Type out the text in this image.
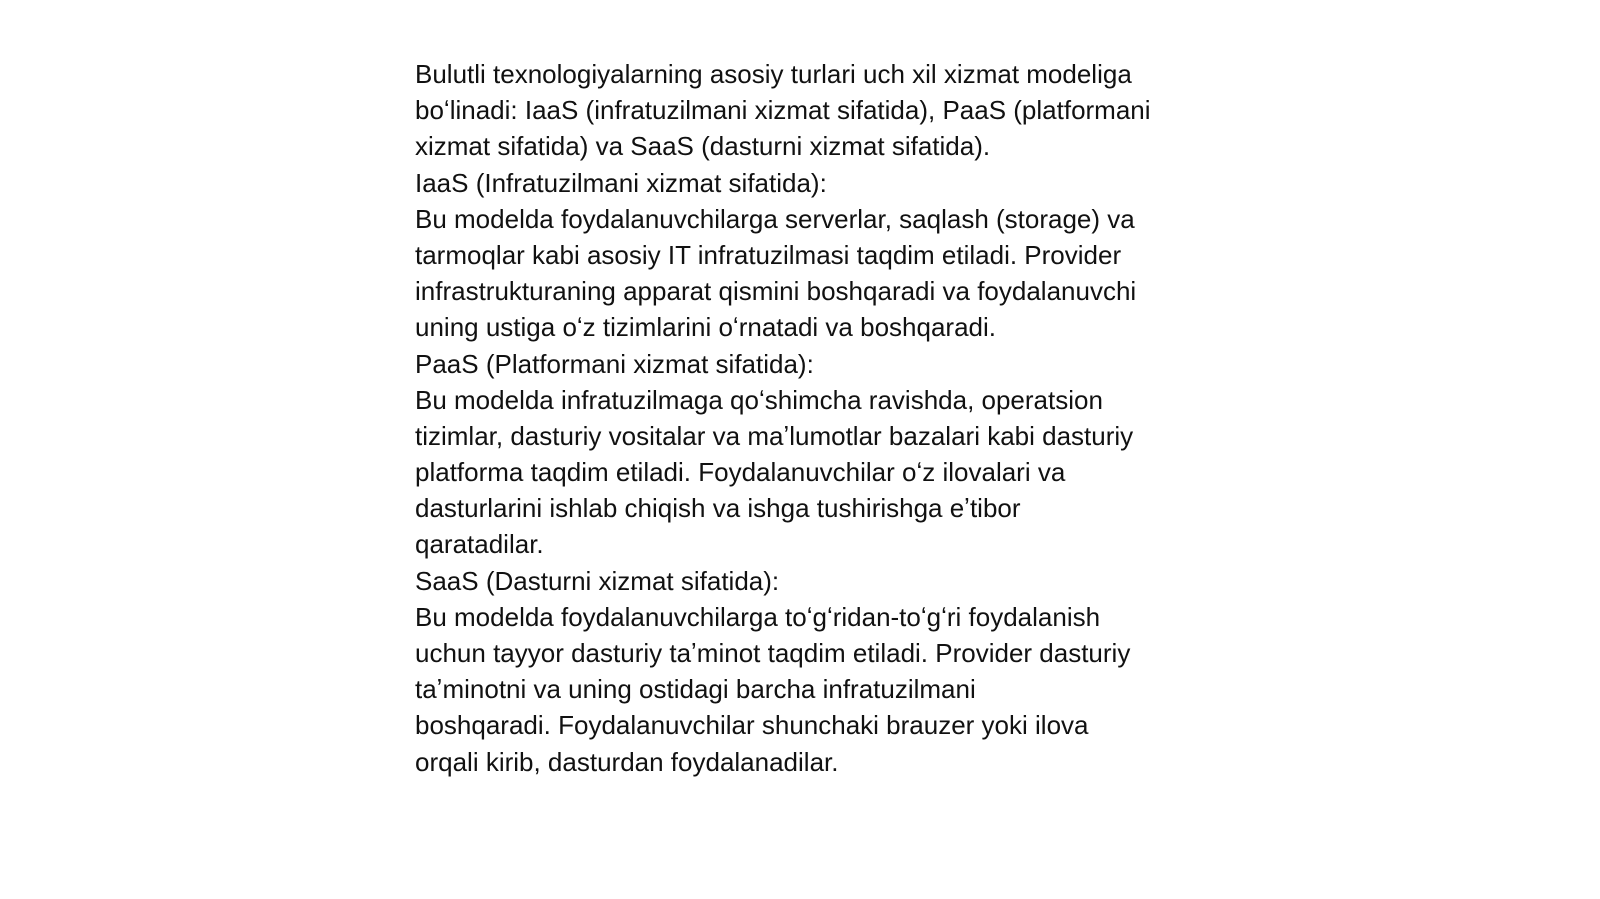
Bulutli texnologiyalarning asosiy turlari uch xil xizmat modeliga
boʻlinadi: IaaS (infratuzilmani xizmat sifatida), PaaS (platformani
xizmat sifatida) va SaaS (dasturni xizmat sifatida).
IaaS (Infratuzilmani xizmat sifatida):
Bu modelda foydalanuvchilarga serverlar, saqlash (storage) va
tarmoqlar kabi asosiy IT infratuzilmasi taqdim etiladi. Provider
infrastrukturaning apparat qismini boshqaradi va foydalanuvchi
uning ustiga oʻz tizimlarini oʻrnatadi va boshqaradi.
PaaS (Platformani xizmat sifatida):
Bu modelda infratuzilmaga qoʻshimcha ravishda, operatsion
tizimlar, dasturiy vositalar va maʼlumotlar bazalari kabi dasturiy
platforma taqdim etiladi. Foydalanuvchilar oʻz ilovalari va
dasturlarini ishlab chiqish va ishga tushirishga eʼtibor
qaratadilar.
SaaS (Dasturni xizmat sifatida):
Bu modelda foydalanuvchilarga toʻgʻridan-toʻgʻri foydalanish
uchun tayyor dasturiy taʼminot taqdim etiladi. Provider dasturiy
taʼminotni va uning ostidagi barcha infratuzilmani
boshqaradi. Foydalanuvchilar shunchaki brauzer yoki ilova
orqali kirib, dasturdan foydalanadilar.
